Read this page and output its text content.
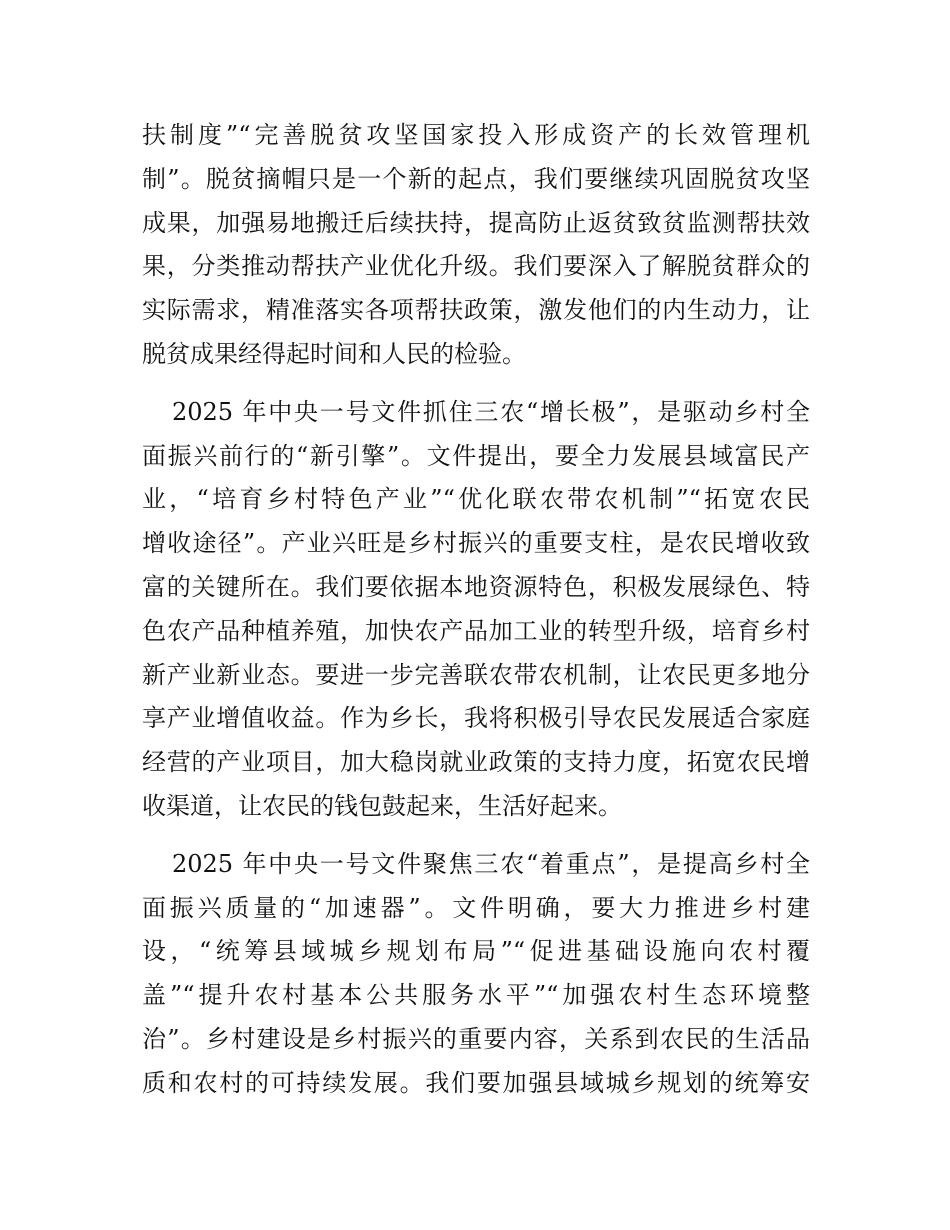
扶制度”“完善脱贫攻坚国家投入形成资产的长效管理机
制”。脱贫摘帽只是一个新的起点，我们要继续巩固脱贫攻坚
成果，加强易地搬迁后续扶持，提高防止返贫致贫监测帮扶效
果，分类推动帮扶产业优化升级。我们要深入了解脱贫群众的
实际需求，精准落实各项帮扶政策，激发他们的内生动力，让
脱贫成果经得起时间和人民的检验。
2025 年中央一号文件抓住三农“增长极”，是驱动乡村全
面振兴前行的“新引擎”。文件提出，要全力发展县域富民产
业，“培育乡村特色产业”“优化联农带农机制”“拓宽农民
增收途径”。产业兴旺是乡村振兴的重要支柱，是农民增收致
富的关键所在。我们要依据本地资源特色，积极发展绿色、特
色农产品种植养殖，加快农产品加工业的转型升级，培育乡村
新产业新业态。要进一步完善联农带农机制，让农民更多地分
享产业增值收益。作为乡长，我将积极引导农民发展适合家庭
经营的产业项目，加大稳岗就业政策的支持力度，拓宽农民增
收渠道，让农民的钱包鼓起来，生活好起来。
2025 年中央一号文件聚焦三农“着重点”，是提高乡村全
面振兴质量的“加速器”。文件明确，要大力推进乡村建
设，“统筹县域城乡规划布局”“促进基础设施向农村覆
盖”“提升农村基本公共服务水平”“加强农村生态环境整
治”。乡村建设是乡村振兴的重要内容，关系到农民的生活品
质和农村的可持续发展。我们要加强县域城乡规划的统筹安
